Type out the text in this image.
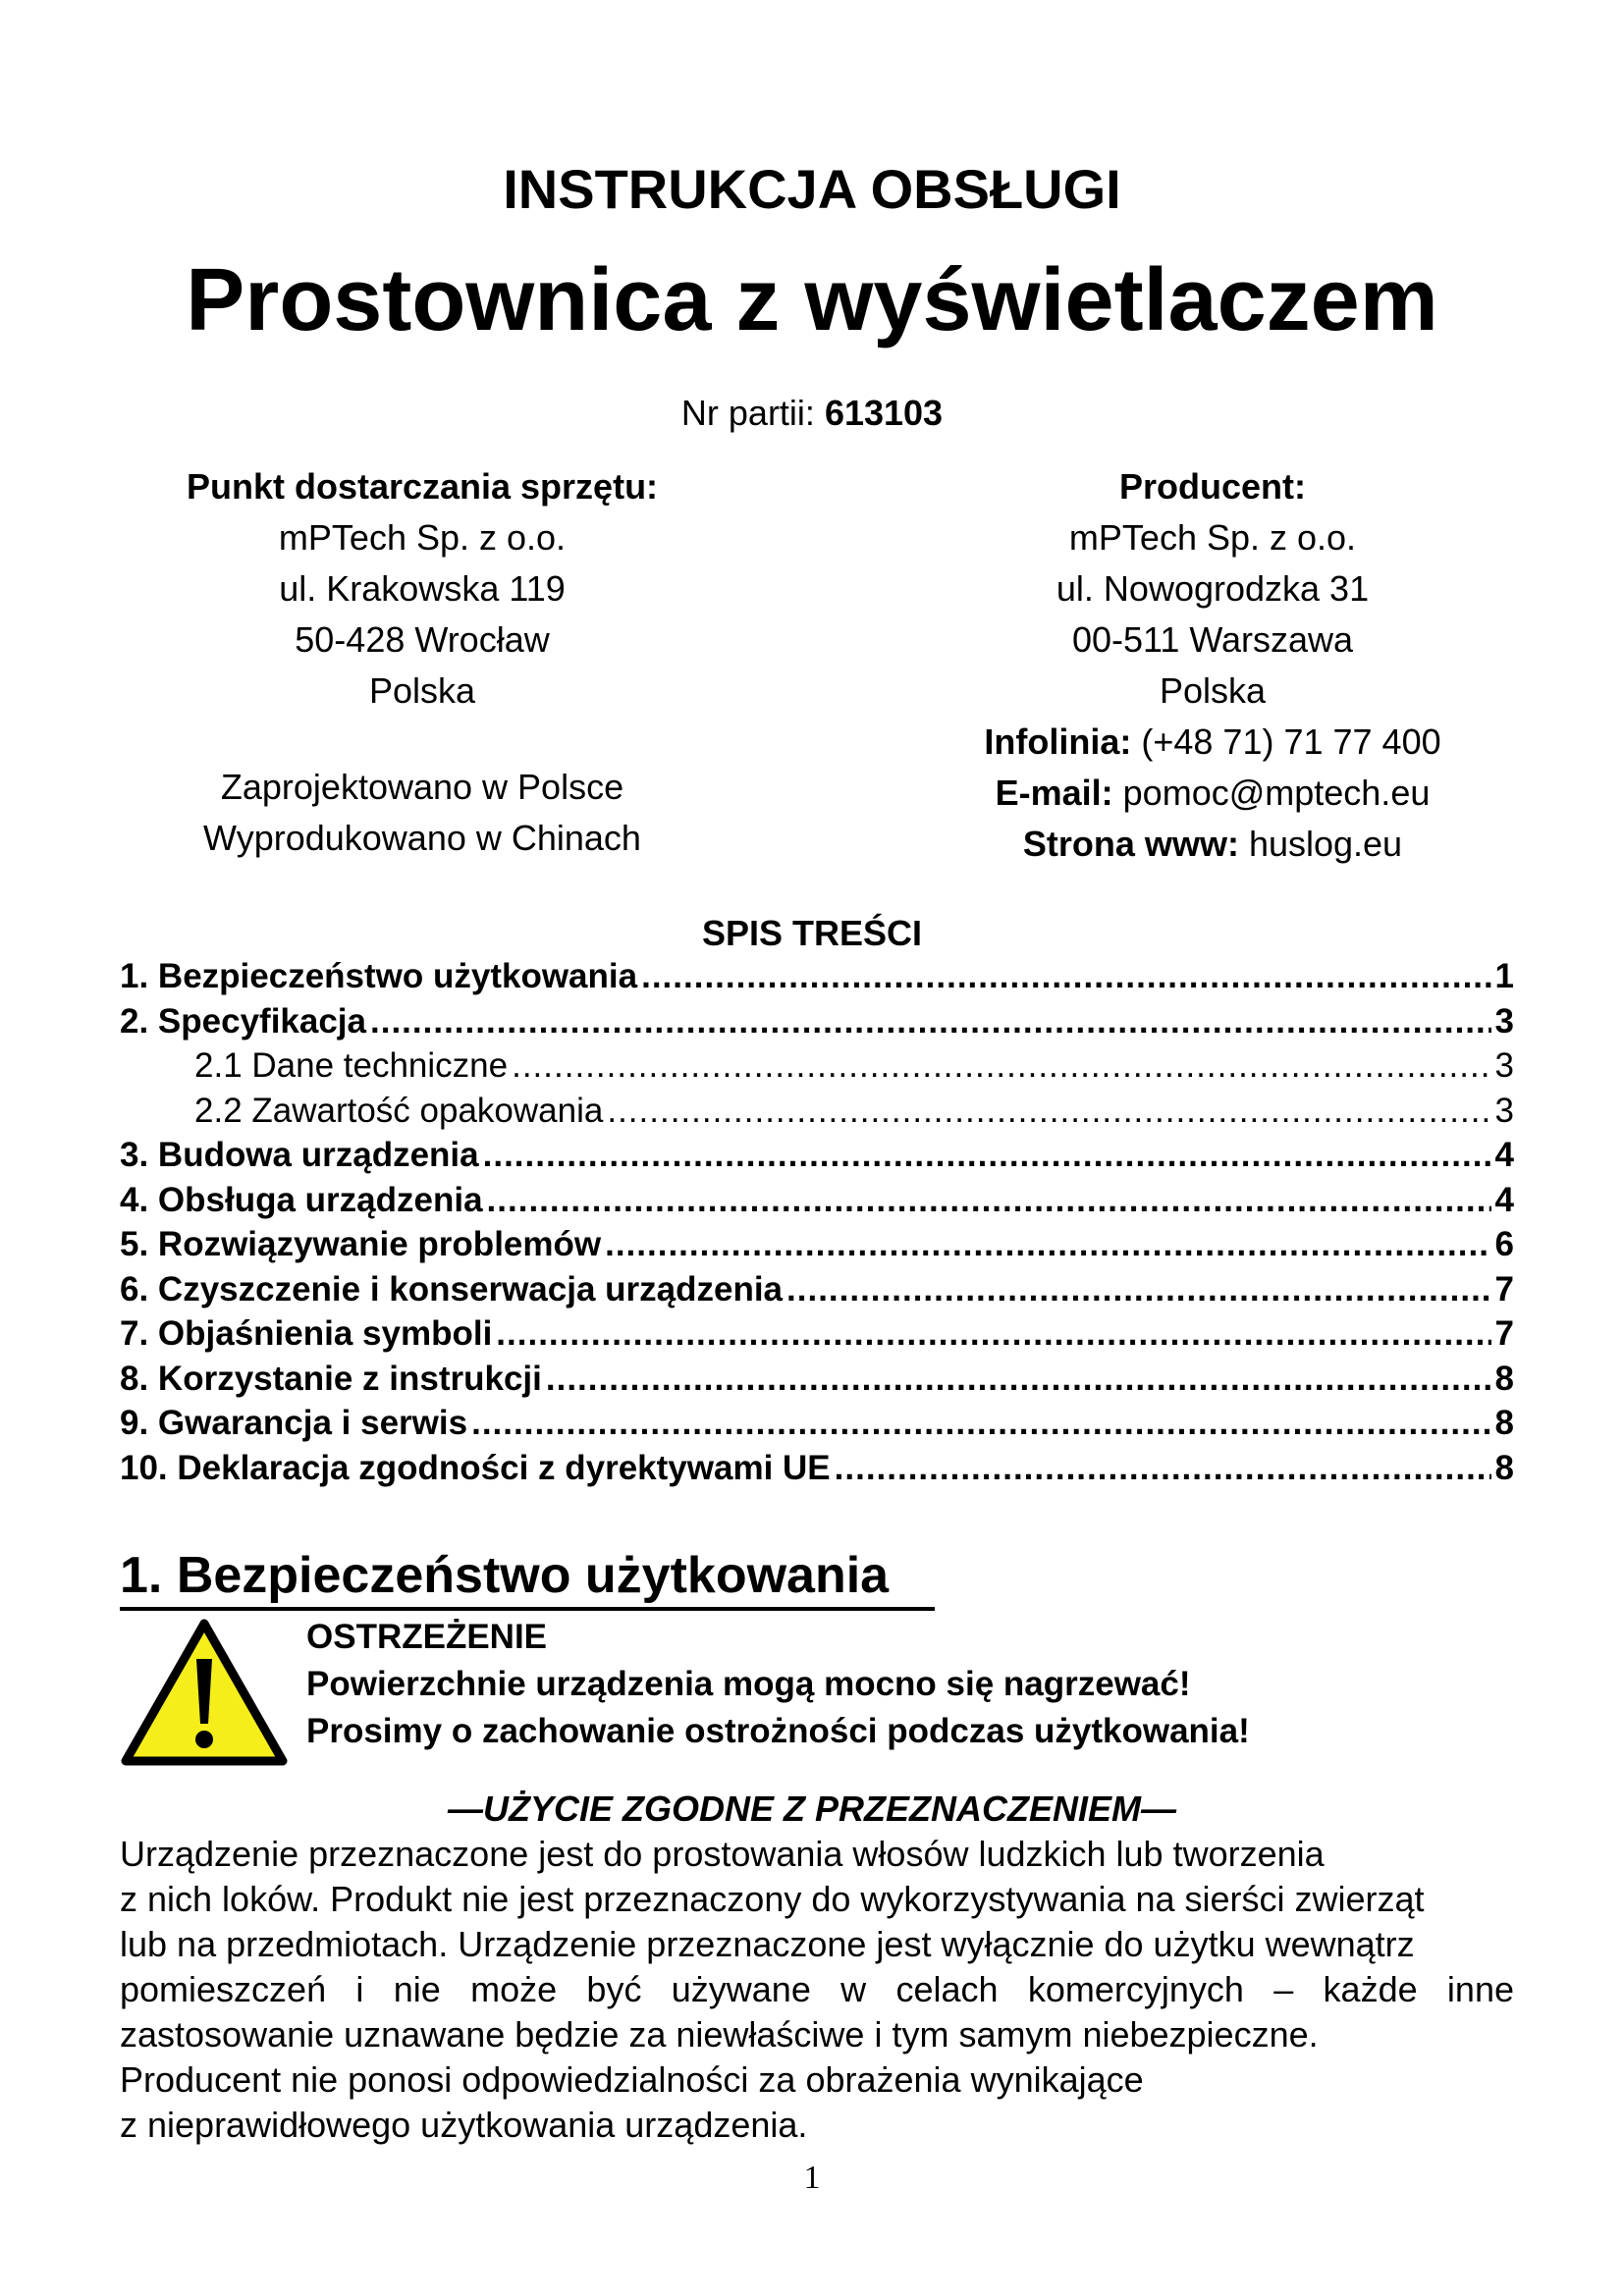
INSTRUKCJA OBSŁUGI
Prostownica z wyświetlaczem
Nr partii: 613103
Punkt dostarczania sprzętu:
mPTech Sp. z o.o.
ul. Krakowska 119
50-428 Wrocław
Polska
Zaprojektowano w Polsce
Wyprodukowano w Chinach
Producent:
mPTech Sp. z o.o.
ul. Nowogrodzka 31
00-511 Warszawa
Polska
Infolinia: (+48 71) 71 77 400
E-mail: pomoc@mptech.eu
Strona www: huslog.eu
SPIS TREŚCI
1. Bezpieczeństwo użytkowania .....	1
2. Specyfikacja .....	3
2.1 Dane techniczne .....	3
2.2 Zawartość opakowania .....	3
3. Budowa urządzenia .....	4
4. Obsługa urządzenia .....	4
5. Rozwiązywanie problemów .....	6
6. Czyszczenie i konserwacja urządzenia .....	7
7. Objaśnienia symboli .....	7
8. Korzystanie z instrukcji .....	8
9. Gwarancja i serwis .....	8
10. Deklaracja zgodności z dyrektywami UE .....	8
1. Bezpieczeństwo użytkowania
OSTRZEŻENIE
Powierzchnie urządzenia mogą mocno się nagrzewać!
Prosimy o zachowanie ostrożności podczas użytkowania!
—UŻYCIE ZGODNE Z PRZEZNACZENIEM—

Urządzenie przeznaczone jest do prostowania włosów ludzkich lub tworzenia

z nich loków. Produkt nie jest przeznaczony do wykorzystywania na sierści zwierząt

lub na przedmiotach. Urządzenie przeznaczone jest wyłącznie do użytku wewnątrz

pomieszczeń i nie może być używane w celach komercyjnych – każde inne

zastosowanie uznawane będzie za niewłaściwe i tym samym niebezpieczne.

Producent nie ponosi odpowiedzialności za obrażenia wynikające

z nieprawidłowego użytkowania urządzenia.

1
